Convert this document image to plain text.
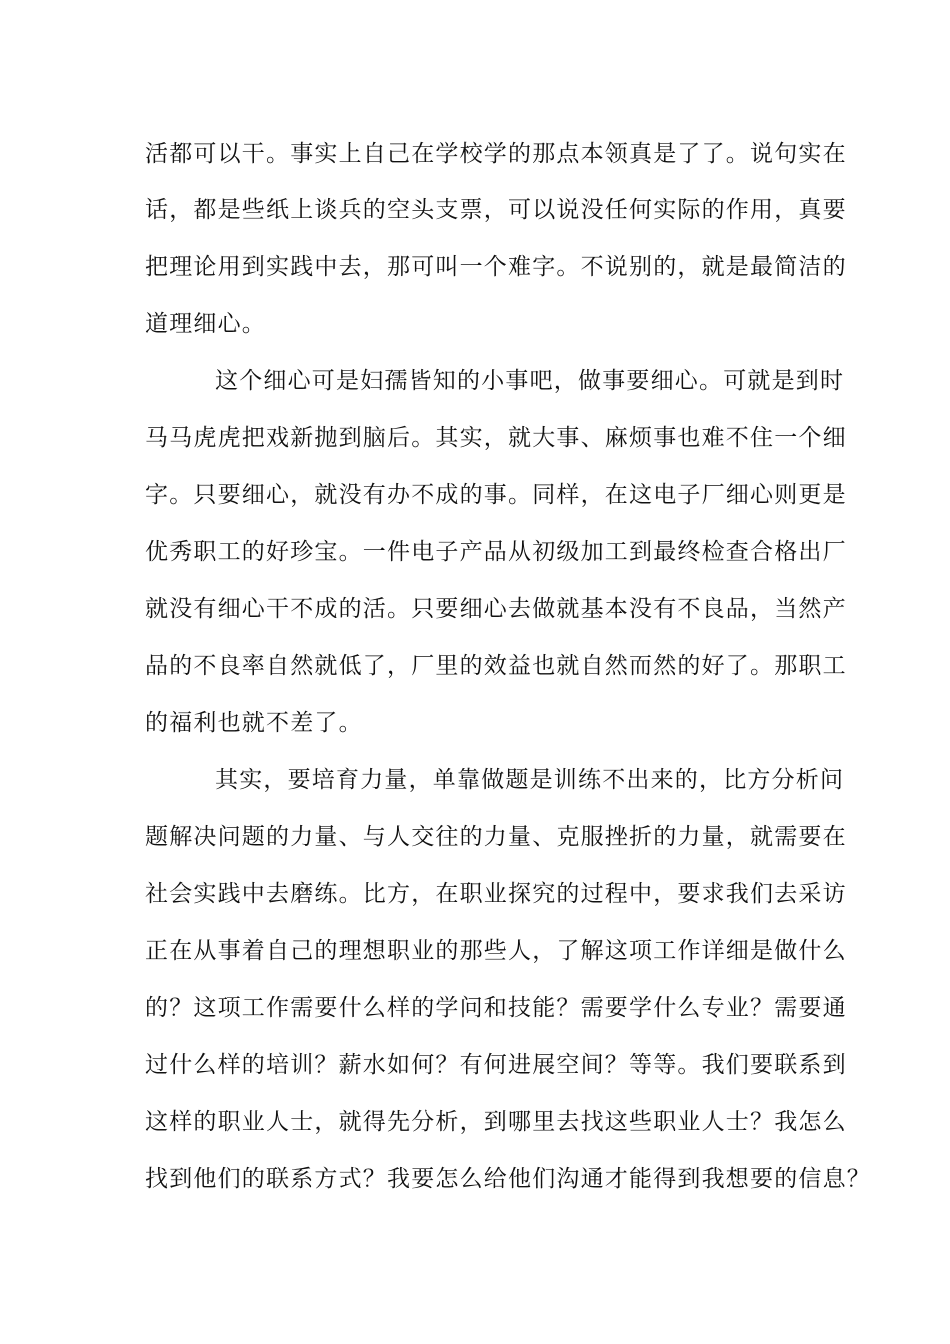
活都可以干。事实上自己在学校学的那点本领真是了了。说句实在
话，都是些纸上谈兵的空头支票，可以说没任何实际的作用，真要
把理论用到实践中去，那可叫一个难字。不说别的，就是最简洁的
道理细心。
这个细心可是妇孺皆知的小事吧，做事要细心。可就是到时
马马虎虎把戏新抛到脑后。其实，就大事、麻烦事也难不住一个细
字。只要细心，就没有办不成的事。同样，在这电子厂细心则更是
优秀职工的好珍宝。一件电子产品从初级加工到最终检查合格出厂
就没有细心干不成的活。只要细心去做就基本没有不良品，当然产
品的不良率自然就低了，厂里的效益也就自然而然的好了。那职工
的福利也就不差了。
其实，要培育力量，单靠做题是训练不出来的，比方分析问
题解决问题的力量、与人交往的力量、克服挫折的力量，就需要在
社会实践中去磨练。比方，在职业探究的过程中，要求我们去采访
正在从事着自己的理想职业的那些人，了解这项工作详细是做什么
的？这项工作需要什么样的学问和技能？需要学什么专业？需要通
过什么样的培训？薪水如何？有何进展空间？等等。我们要联系到
这样的职业人士，就得先分析，到哪里去找这些职业人士？我怎么
找到他们的联系方式？我要怎么给他们沟通才能得到我想要的信息？
